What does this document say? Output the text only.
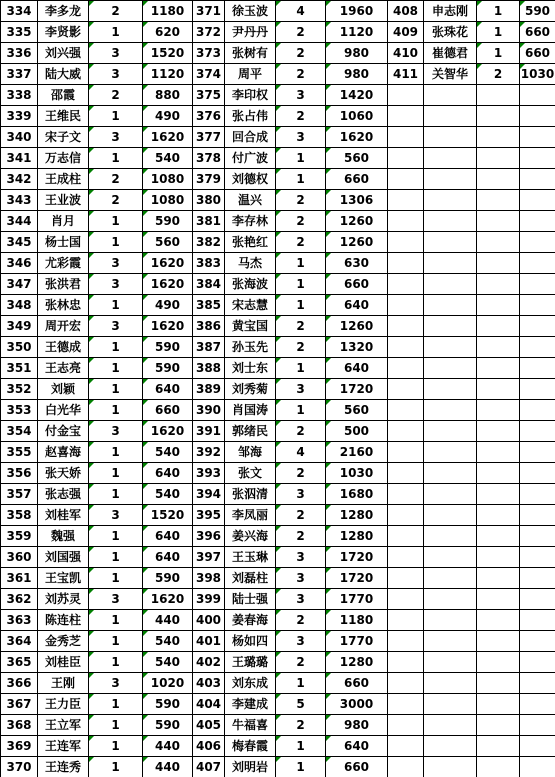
334	李多龙	2	1180	371	徐玉波	4	1960	408	申志刚	1	590
335	李贤影	1	620	372	尹丹丹	2	1120	409	张珠花	1	660
336	刘兴强	3	1520	373	张树有	2	980	410	崔德君	1	660
337	陆大威	3	1120	374	周平	2	980	411	关智华	2	1030
338	邵霞	2	880	375	李印权	3	1420				
339	王维民	1	490	376	张占伟	2	1060				
340	宋子文	3	1620	377	回合成	3	1620				
341	万志信	1	540	378	付广波	1	560				
342	王成柱	2	1080	379	刘德权	1	660				
343	王业波	2	1080	380	温兴	2	1306				
344	肖月	1	590	381	李存林	2	1260				
345	杨士国	1	560	382	张艳红	2	1260				
346	尤彩霞	3	1620	383	马杰	1	630				
347	张洪君	3	1620	384	张海波	1	660				
348	张林忠	1	490	385	宋志慧	1	640				
349	周开宏	3	1620	386	黄宝国	2	1260				
350	王德成	1	590	387	孙玉先	2	1320				
351	王志亮	1	590	388	刘士东	1	640				
352	刘颖	1	640	389	刘秀菊	3	1720				
353	白光华	1	660	390	肖国涛	1	560				
354	付金宝	3	1620	391	郭绪民	2	500				
355	赵喜海	1	540	392	邹海	4	2160				
356	张天娇	1	640	393	张文	2	1030				
357	张志强	1	540	394	张泅清	3	1680				
358	刘桂军	3	1520	395	李凤丽	2	1280				
359	魏强	1	640	396	姜兴海	2	1280				
360	刘国强	1	640	397	王玉琳	3	1720				
361	王宝凯	1	590	398	刘磊柱	3	1720				
362	刘苏灵	3	1620	399	陆士强	3	1770				
363	陈连柱	1	440	400	姜春海	2	1180				
364	金秀芝	1	540	401	杨如四	3	1770				
365	刘桂臣	1	540	402	王璐璐	2	1280				
366	王刚	3	1020	403	刘东成	1	660				
367	王力臣	1	590	404	李建成	5	3000				
368	王立军	1	590	405	牛福喜	2	980				
369	王连军	1	440	406	梅春霞	1	640				
370	王连秀	1	440	407	刘明岩	1	660				
